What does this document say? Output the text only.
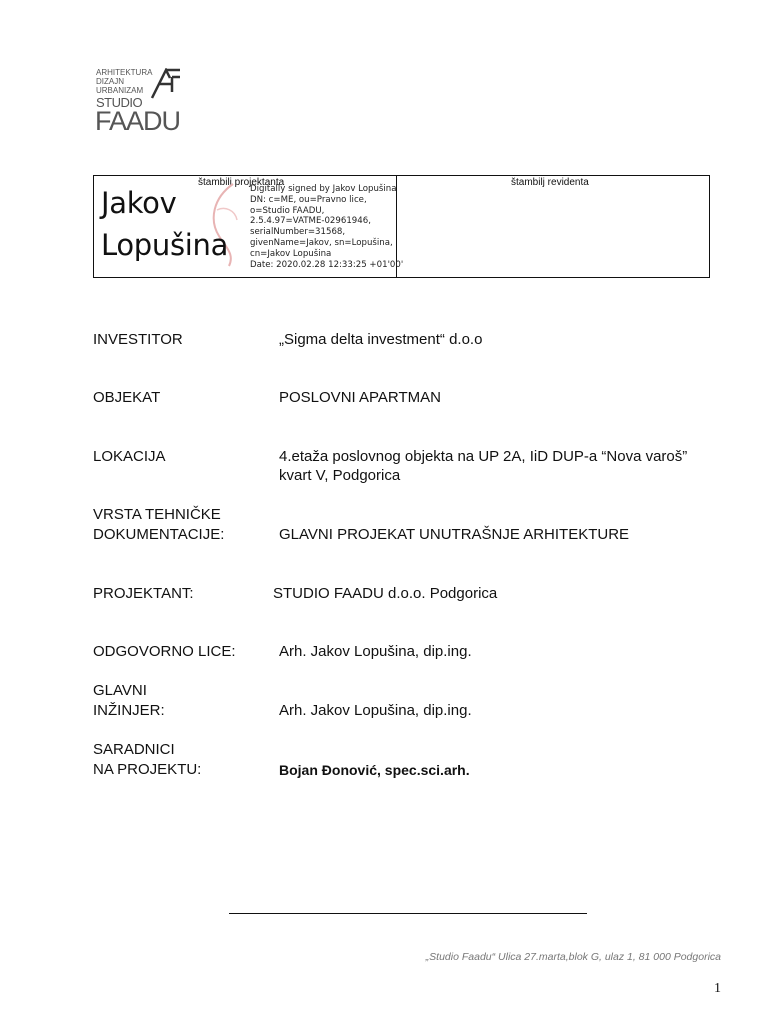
ARHITEKTURA
DIZAJN
URBANIZAM
STUDIO
FAADU
štambilj projektanta	štambilj revidenta
Jakov
Lopušina
Digitally signed by Jakov Lopušina
DN: c=ME, ou=Pravno lice,
o=Studio FAADU,
2.5.4.97=VATME-02961946,
serialNumber=31568,
givenName=Jakov, sn=Lopušina,
cn=Jakov Lopušina
Date: 2020.02.28 12:33:25 +01'00'
INVESTITOR	„Sigma delta investment“ d.o.o
OBJEKAT	POSLOVNI APARTMAN
LOKACIJA	4.etaža poslovnog objekta na UP 2A, IiD DUP-a “Nova varoš”
kvart V, Podgorica
VRSTA TEHNIČKE
DOKUMENTACIJE:	GLAVNI PROJEKAT UNUTRAŠNJE ARHITEKTURE
PROJEKTANT:	STUDIO FAADU d.o.o. Podgorica
ODGOVORNO LICE:	Arh. Jakov Lopušina, dip.ing.
GLAVNI
INŽINJER:	Arh. Jakov Lopušina, dip.ing.
SARADNICI
NA PROJEKTU:	Bojan Đonović, spec.sci.arh.
„Studio Faadu“ Ulica 27.marta,blok G, ulaz 1, 81 000 Podgorica
1
